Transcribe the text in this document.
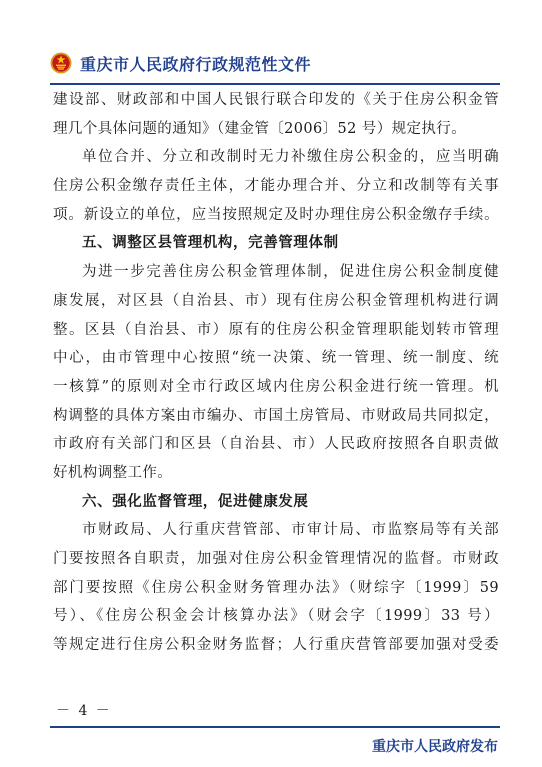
重庆市人民政府行政规范性文件
建设部、财政部和中国人民银行联合印发的《关于住房公积金管
理几个具体问题的通知》（建金管〔2006〕52 号）规定执行。
单位合并、分立和改制时无力补缴住房公积金的，应当明确
住房公积金缴存责任主体，才能办理合并、分立和改制等有关事
项。新设立的单位，应当按照规定及时办理住房公积金缴存手续。
五、调整区县管理机构，完善管理体制
为进一步完善住房公积金管理体制，促进住房公积金制度健
康发展，对区县（自治县、市）现有住房公积金管理机构进行调
整。区县（自治县、市）原有的住房公积金管理职能划转市管理
中心，由市管理中心按照“统一决策、统一管理、统一制度、统
一核算”的原则对全市行政区域内住房公积金进行统一管理。机
构调整的具体方案由市编办、市国土房管局、市财政局共同拟定，
市政府有关部门和区县（自治县、市）人民政府按照各自职责做
好机构调整工作。
六、强化监督管理，促进健康发展
市财政局、人行重庆营管部、市审计局、市监察局等有关部
门要按照各自职责，加强对住房公积金管理情况的监督。市财政
部门要按照《住房公积金财务管理办法》（财综字〔1999〕59
号）、《住房公积金会计核算办法》（财会字〔1999〕33 号）
等规定进行住房公积金财务监督；人行重庆营管部要加强对受委
－ 4 －
重庆市人民政府发布
